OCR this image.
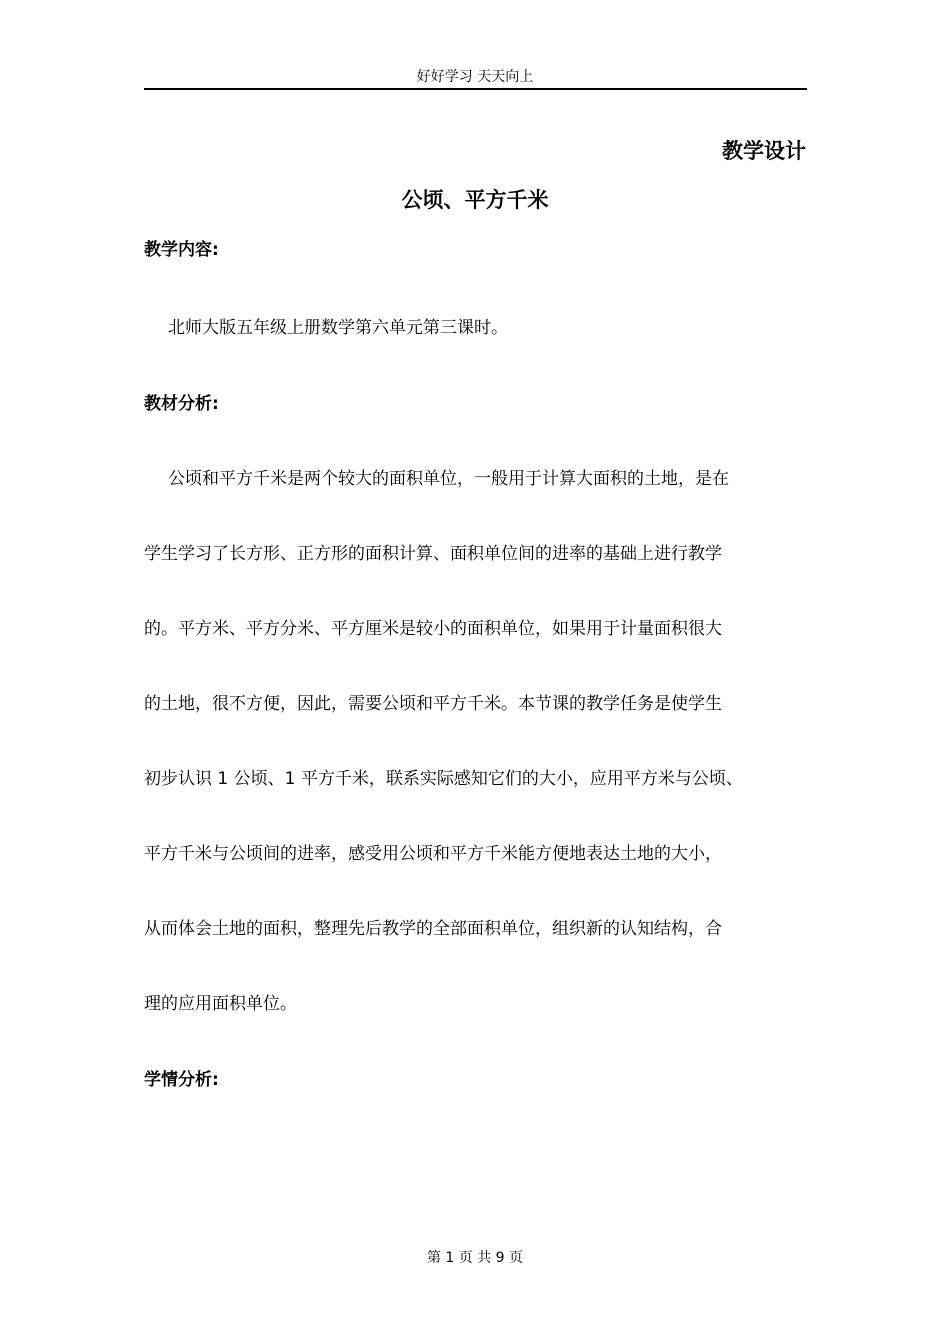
好好学习 天天向上
教学设计
公顷、平方千米
教学内容:
北师大版五年级上册数学第六单元第三课时。
教材分析:
公顷和平方千米是两个较大的面积单位，一般用于计算大面积的土地，是在
学生学习了长方形、正方形的面积计算、面积单位间的进率的基础上进行教学
的。平方米、平方分米、平方厘米是较小的面积单位，如果用于计量面积很大
的土地，很不方便，因此，需要公顷和平方千米。本节课的教学任务是使学生
初步认识 1 公顷、1 平方千米，联系实际感知它们的大小，应用平方米与公顷、
平方千米与公顷间的进率，感受用公顷和平方千米能方便地表达土地的大小，
从而体会土地的面积，整理先后教学的全部面积单位，组织新的认知结构，合
理的应用面积单位。
学情分析:
第 1 页 共 9 页
